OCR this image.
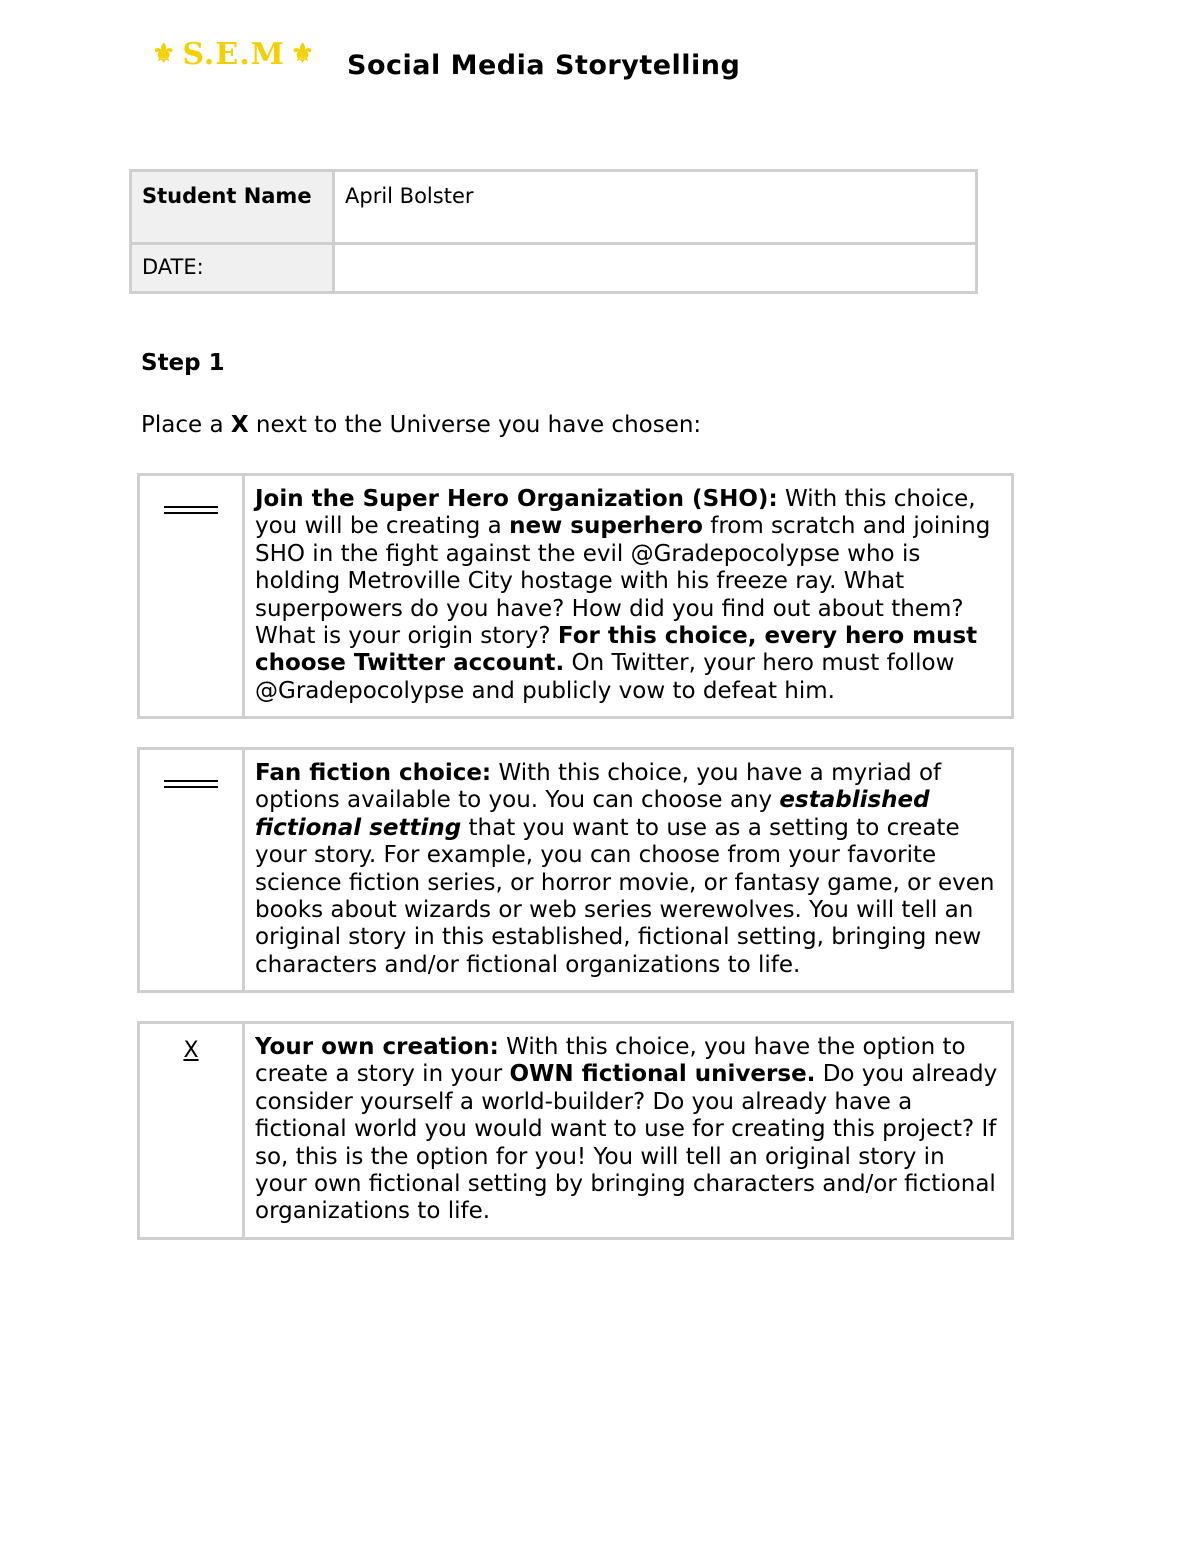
⚜ S.E.M ⚜ Social Media Storytelling
Student Name	April Bolster
DATE:	
Step 1
Place a X next to the Universe you have chosen:
	Join the Super Hero Organization (SHO): With this choice, you will be creating a new superhero from scratch and joining SHO in the fight against the evil @Gradepocolypse who is holding Metroville City hostage with his freeze ray. What superpowers do you have? How did you find out about them? What is your origin story? For this choice, every hero must choose Twitter account. On Twitter, your hero must follow @Gradepocolypse and publicly vow to defeat him.
	Fan fiction choice: With this choice, you have a myriad of options available to you. You can choose any established fictional setting that you want to use as a setting to create your story. For example, you can choose from your favorite science fiction series, or horror movie, or fantasy game, or even books about wizards or web series werewolves. You will tell an original story in this established, fictional setting, bringing new characters and/or fictional organizations to life.
X	Your own creation: With this choice, you have the option to create a story in your OWN fictional universe. Do you already consider yourself a world-builder? Do you already have a fictional world you would want to use for creating this project? If so, this is the option for you! You will tell an original story in your own fictional setting by bringing characters and/or fictional organizations to life.
